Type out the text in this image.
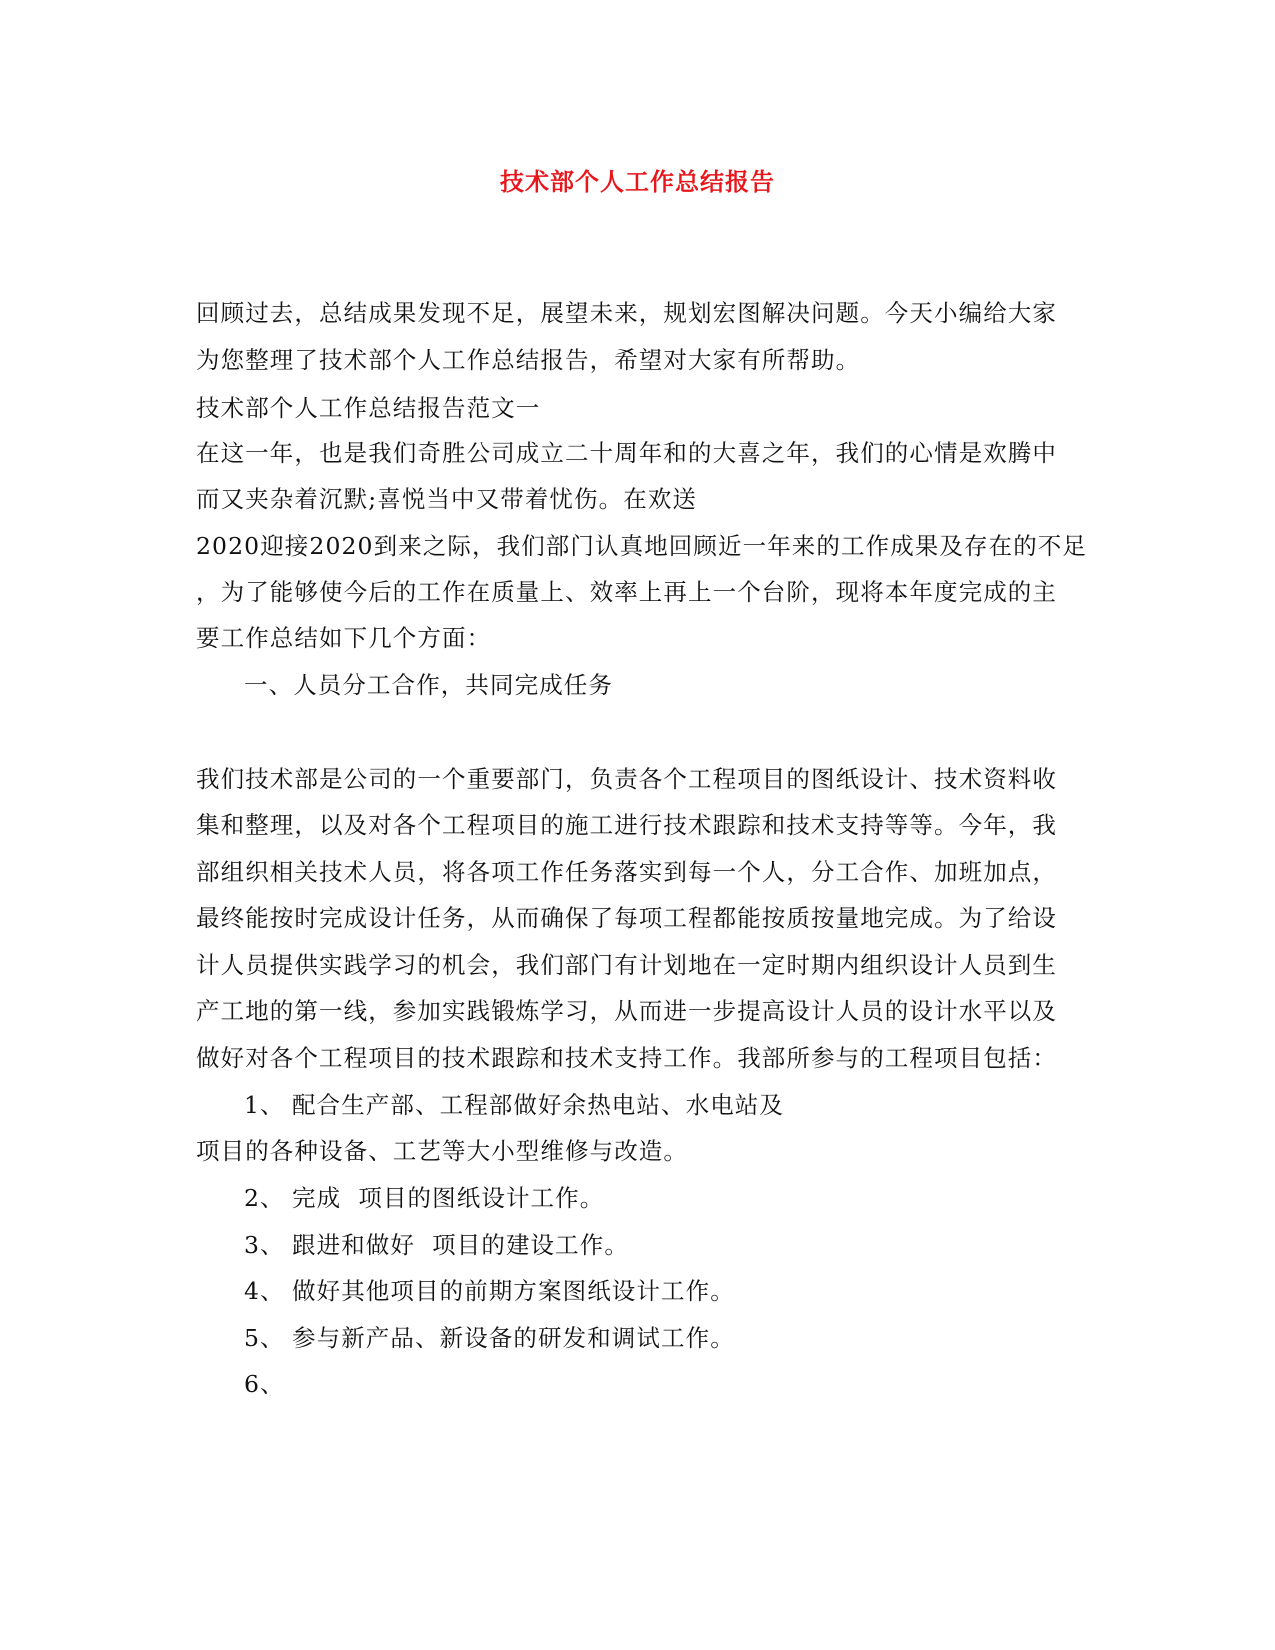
技术部个人工作总结报告
回顾过去，总结成果发现不足，展望未来，规划宏图解决问题。今天小编给大家
为您整理了技术部个人工作总结报告，希望对大家有所帮助。
技术部个人工作总结报告范文一
在这一年，也是我们奇胜公司成立二十周年和的大喜之年，我们的心情是欢腾中
而又夹杂着沉默;喜悦当中又带着忧伤。在欢送
2020迎接2020到来之际，我们部门认真地回顾近一年来的工作成果及存在的不足
，为了能够使今后的工作在质量上、效率上再上一个台阶，现将本年度完成的主
要工作总结如下几个方面：
一、人员分工合作，共同完成任务
我们技术部是公司的一个重要部门，负责各个工程项目的图纸设计、技术资料收
集和整理，以及对各个工程项目的施工进行技术跟踪和技术支持等等。今年，我
部组织相关技术人员，将各项工作任务落实到每一个人，分工合作、加班加点，
最终能按时完成设计任务，从而确保了每项工程都能按质按量地完成。为了给设
计人员提供实践学习的机会，我们部门有计划地在一定时期内组织设计人员到生
产工地的第一线，参加实践锻炼学习，从而进一步提高设计人员的设计水平以及
做好对各个工程项目的技术跟踪和技术支持工作。我部所参与的工程项目包括：
1、 配合生产部、工程部做好余热电站、水电站及
项目的各种设备、工艺等大小型维修与改造。
2、 完成  项目的图纸设计工作。
3、 跟进和做好  项目的建设工作。
4、 做好其他项目的前期方案图纸设计工作。
5、 参与新产品、新设备的研发和调试工作。
6、
